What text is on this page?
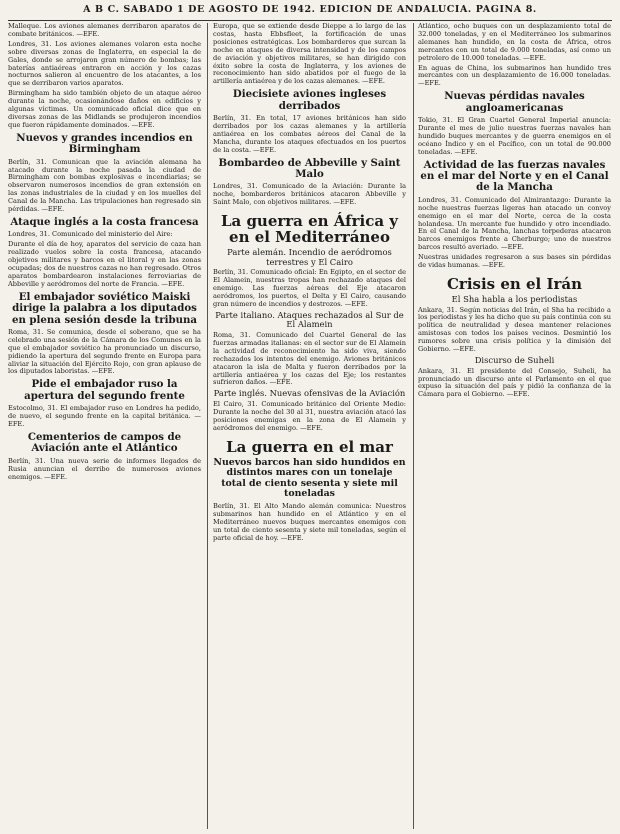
A B C. SABADO 1 DE AGOSTO DE 1942. EDICION DE ANDALUCIA. PAGINA 8.

Malleque. Los aviones alemanes derribaron aparatos de combate británicos. —EFE.

Londres, 31. Los aviones alemanes volaron esta noche sobre diversas zonas de Inglaterra, en especial la de Gales, donde se arrojaron gran número de bombas; las baterías antiaéreas entraron en acción y los cazas nocturnos salieron al encuentro de los atacantes, a los que se derribaron varios aparatos.

Birmingham ha sido también objeto de un ataque aéreo durante la noche, ocasionándose daños en edificios y algunas víctimas. Un comunicado oficial dice que en diversas zonas de las Midlands se produjeron incendios que fueron rápidamente dominados. —EFE.

Nuevos y grandes incendios en Birmingham

Berlín, 31. Comunican que la aviación alemana ha atacado durante la noche pasada la ciudad de Birmingham con bombas explosivas e incendiarias; se observaron numerosos incendios de gran extensión en las zonas industriales de la ciudad y en los muelles del Canal de la Mancha. Las tripulaciones han regresado sin pérdidas. —EFE.

Ataque inglés a la costa francesa

Londres, 31. Comunicado del ministerio del Aire:

Durante el día de hoy, aparatos del servicio de caza han realizado vuelos sobre la costa francesa, atacando objetivos militares y barcos en el litoral y en las zonas ocupadas; dos de nuestros cazas no han regresado. Otros aparatos bombardearon instalaciones ferroviarias de Abbeville y aeródromos del norte de Francia. —EFE.

El embajador soviético Maiski dirige la palabra a los diputados en plena sesión desde la tribuna

Roma, 31. Se comunica, desde el soberano, que se ha celebrado una sesión de la Cámara de los Comunes en la que el embajador soviético ha pronunciado un discurso, pidiendo la apertura del segundo frente en Europa para aliviar la situación del Ejército Rojo, con gran aplauso de los diputados laboristas. —EFE.

Pide el embajador ruso la apertura del segundo frente

Estocolmo, 31. El embajador ruso en Londres ha pedido, de nuevo, el segundo frente en la capital británica. —EFE.

Cementerios de campos de Aviación ante el Atlántico

Berlín, 31. Una nueva serie de informes llegados de Rusia anuncian el derribo de numerosos aviones enemigos. —EFE.

Europa, que se extiende desde Dieppe a lo largo de las costas, hasta Ebbsfleet, la fortificación de unas posiciones estratégicas. Los bombarderos que surcan la noche en ataques de diversa intensidad y de los campos de aviación y objetivos militares, se han dirigido con éxito sobre la costa de Inglaterra, y los aviones de reconocimiento han sido abatidos por el fuego de la artillería antiaérea y de los cazas alemanes. —EFE.

Diecisiete aviones ingleses derribados

Berlín, 31. En total, 17 aviones británicos han sido derribados por los cazas alemanes y la artillería antiaérea en los combates aéreos del Canal de la Mancha, durante los ataques efectuados en los puertos de la costa. —EFE.

Bombardeo de Abbeville y Saint Malo

Londres, 31. Comunicado de la Aviación: Durante la noche, bombarderos británicos atacaron Abbeville y Saint Malo, con objetivos militares. —EFE.

La guerra en África y en el Mediterráneo
Parte alemán. Incendio de aeródromos terrestres y El Cairo

Berlín, 31. Comunicado oficial: En Egipto, en el sector de El Alamein, nuestras tropas han rechazado ataques del enemigo. Las fuerzas aéreas del Eje atacaron aeródromos, los puertos, el Delta y El Cairo, causando gran número de incendios y destrozos. —EFE.

Parte italiano. Ataques rechazados al Sur de El Alamein

Roma, 31. Comunicado del Cuartel General de las fuerzas armadas italianas: en el sector sur de El Alamein la actividad de reconocimiento ha sido viva, siendo rechazados los intentos del enemigo. Aviones británicos atacaron la isla de Malta y fueron derribados por la artillería antiaérea y los cazas del Eje; los restantes sufrieron daños. —EFE.

Parte inglés. Nuevas ofensivas de la Aviación

El Cairo, 31. Comunicado británico del Oriente Medio: Durante la noche del 30 al 31, nuestra aviación atacó las posiciones enemigas en la zona de El Alamein y aeródromos del enemigo. —EFE.

La guerra en el mar
Nuevos barcos han sido hundidos en distintos mares con un tonelaje total de ciento sesenta y siete mil toneladas

Berlín, 31. El Alto Mando alemán comunica: Nuestros submarinos han hundido en el Atlántico y en el Mediterráneo nuevos buques mercantes enemigos con un total de ciento sesenta y siete mil toneladas, según el parte oficial de hoy. —EFE.

Atlántico, ocho buques con un desplazamiento total de 32.000 toneladas, y en el Mediterráneo los submarinos alemanes han hundido, en la costa de África, otros mercantes con un total de 9.000 toneladas, así como un petrolero de 10.000 toneladas. —EFE.

En aguas de China, los submarinos han hundido tres mercantes con un desplazamiento de 16.000 toneladas. —EFE.

Nuevas pérdidas navales angloamericanas

Tokio, 31. El Gran Cuartel General Imperial anuncia: Durante el mes de julio nuestras fuerzas navales han hundido buques mercantes y de guerra enemigos en el océano Índico y en el Pacífico, con un total de 90.000 toneladas. —EFE.

Actividad de las fuerzas navales en el mar del Norte y en el Canal de la Mancha

Londres, 31. Comunicado del Almirantazgo: Durante la noche nuestras fuerzas ligeras han atacado un convoy enemigo en el mar del Norte, cerca de la costa holandesa. Un mercante fue hundido y otro incendiado. En el Canal de la Mancha, lanchas torpederas atacaron barcos enemigos frente a Cherburgo; uno de nuestros barcos resultó averiado. —EFE.

Nuestras unidades regresaron a sus bases sin pérdidas de vidas humanas. —EFE.

Crisis en el Irán
El Sha habla a los periodistas

Ankara, 31. Según noticias del Irán, el Sha ha recibido a los periodistas y les ha dicho que su país continúa con su política de neutralidad y desea mantener relaciones amistosas con todos los países vecinos. Desmintió los rumores sobre una crisis política y la dimisión del Gobierno. —EFE.

Discurso de Suheli

Ankara, 31. El presidente del Consejo, Suheli, ha pronunciado un discurso ante el Parlamento en el que expuso la situación del país y pidió la confianza de la Cámara para el Gobierno. —EFE.
